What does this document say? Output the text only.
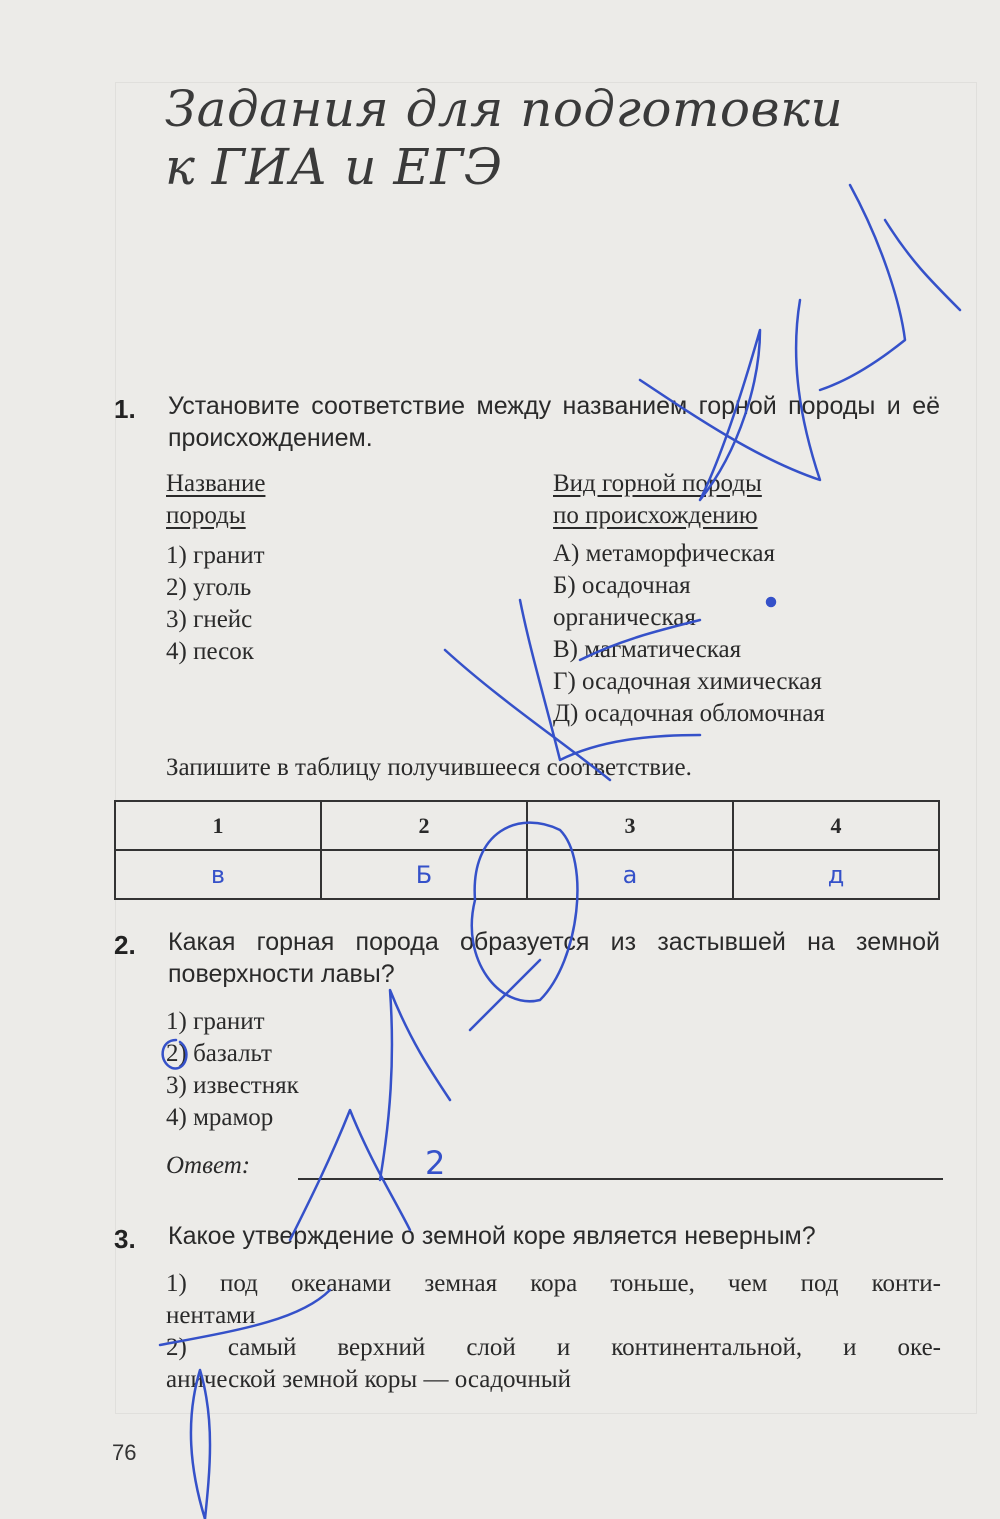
Задания для подготовки
к ГИА и ЕГЭ
1. Установите соответствие между названием горной породы и её происхождением.
Название
породы
1) гранит
2) уголь
3) гнейс
4) песок
Вид горной породы
по происхождению
А) метаморфическая
Б) осадочная
органическая
В) магматическая
Г) осадочная химическая
Д) осадочная обломочная
Запишите в таблицу получившееся соответствие.
1	2	3	4
в	Б	а	д
2. Какая горная порода образуется из застывшей на земной поверхности лавы?
1) гранит
2) базальт
3) известняк
4) мрамор
Ответ:	2
3. Какое утверждение о земной коре является неверным?
1) под океанами земная кора тоньше, чем под конти-
нентами
2) самый верхний слой и континентальной, и оке-
анической земной коры — осадочный
76
